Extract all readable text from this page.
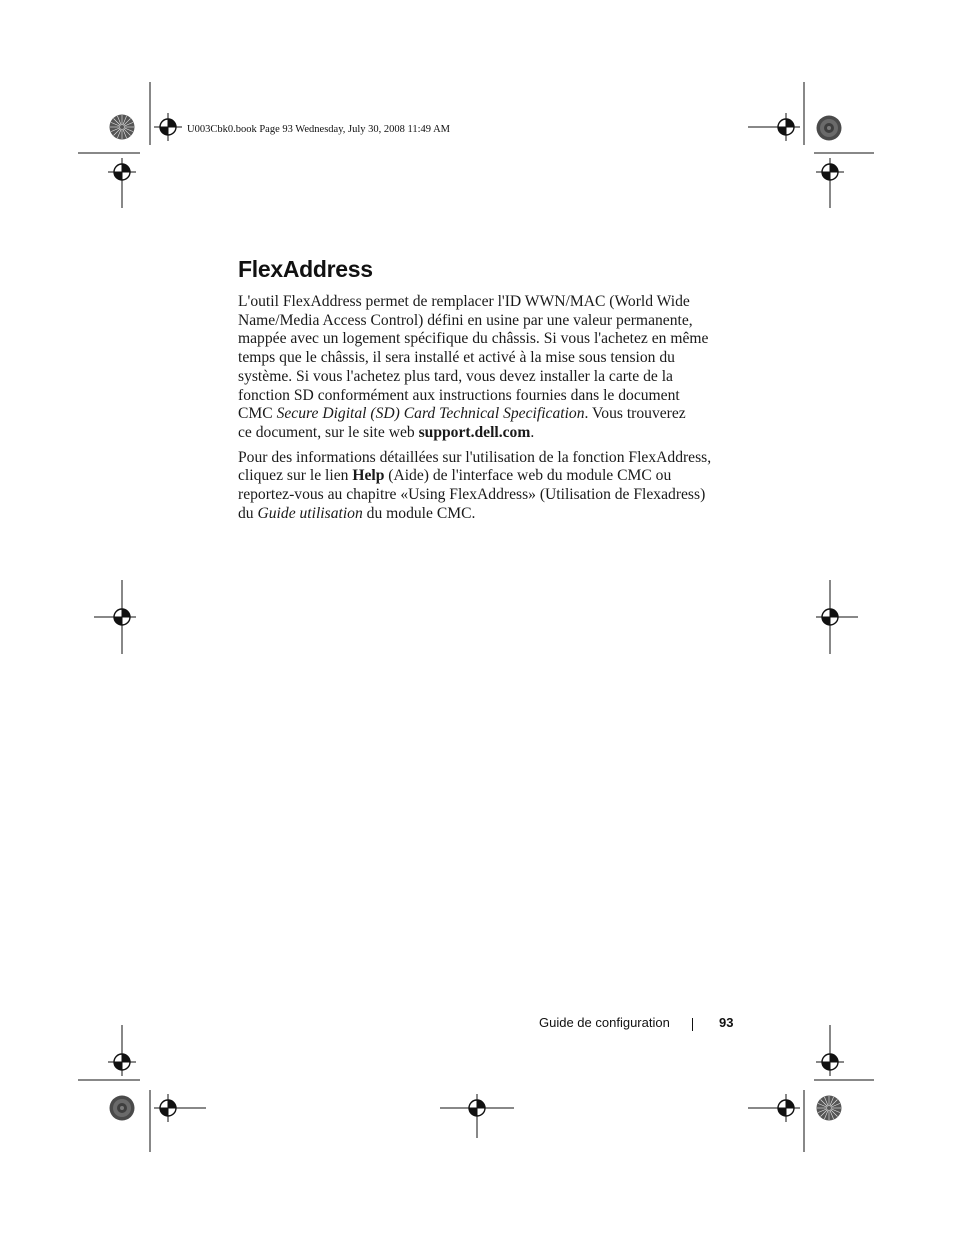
U003Cbk0.book Page 93 Wednesday, July 30, 2008 11:49 AM
FlexAddress
L'outil FlexAddress permet de remplacer l'ID WWN/MAC (World Wide
Name/Media Access Control) défini en usine par une valeur permanente,
mappée avec un logement spécifique du châssis. Si vous l'achetez en même
temps que le châssis, il sera installé et activé à la mise sous tension du
système. Si vous l'achetez plus tard, vous devez installer la carte de la
fonction SD conformément aux instructions fournies dans le document
CMC Secure Digital (SD) Card Technical Specification. Vous trouverez
ce document, sur le site web support.dell.com.
Pour des informations détaillées sur l'utilisation de la fonction FlexAddress,
cliquez sur le lien Help (Aide) de l'interface web du module CMC ou
reportez-vous au chapitre «Using FlexAddress» (Utilisation de Flexadress)
du Guide utilisation du module CMC.
Guide de configuration	93
